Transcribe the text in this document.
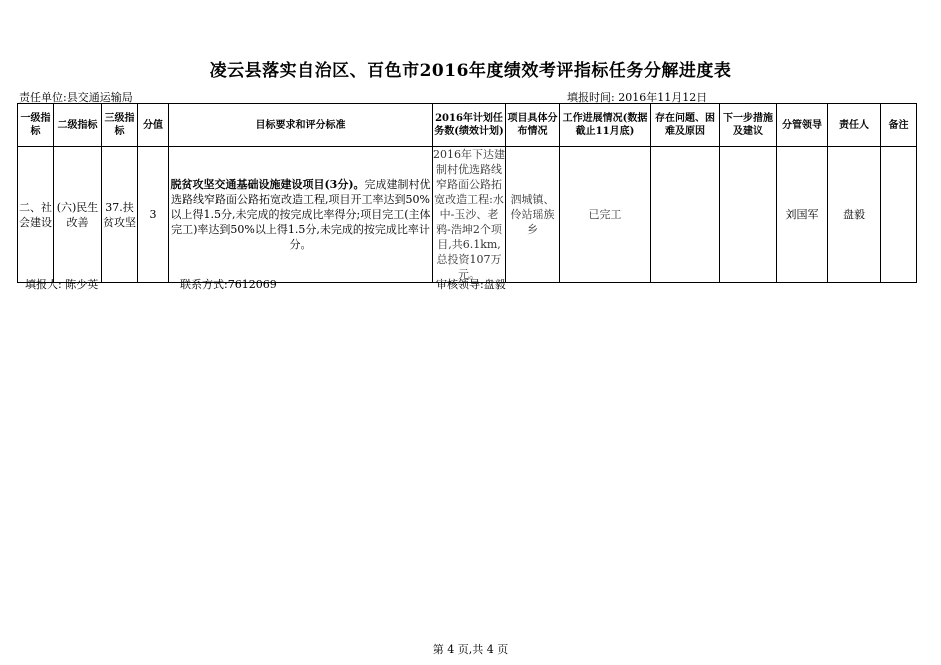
凌云县落实自治区、百色市2016年度绩效考评指标任务分解进度表
责任单位:县交通运输局	填报时间: 2016年11月12日
一级指标	二级指标	三级指标	分值	目标要求和评分标准	2016年计划任务数(绩效计划)	项目具体分布情况	工作进展情况(数据截止11月底)	存在问题、困难及原因	下一步措施及建议	分管领导	责任人	备注
二、社会建设	(六)民生改善	37.扶贫攻坚	3	脱贫攻坚交通基础设施建设项目(3分)。完成建制村优选路线窄路面公路拓宽改造工程,项目开工率达到50%以上得1.5分,未完成的按完成比率得分;项目完工(主体完工)率达到50%以上得1.5分,未完成的按完成比率计分。	2016年下达建制村优选路线窄路面公路拓宽改造工程:水中-玉沙、老鸦-浩坤2个项目,共6.1km,总投资107万元。	泗城镇、伶站瑶族乡	已完工			刘国军	盘毅	
填报人: 陈少英	联系方式:7612069	审核领导:盘毅
第 4 页,共 4 页
